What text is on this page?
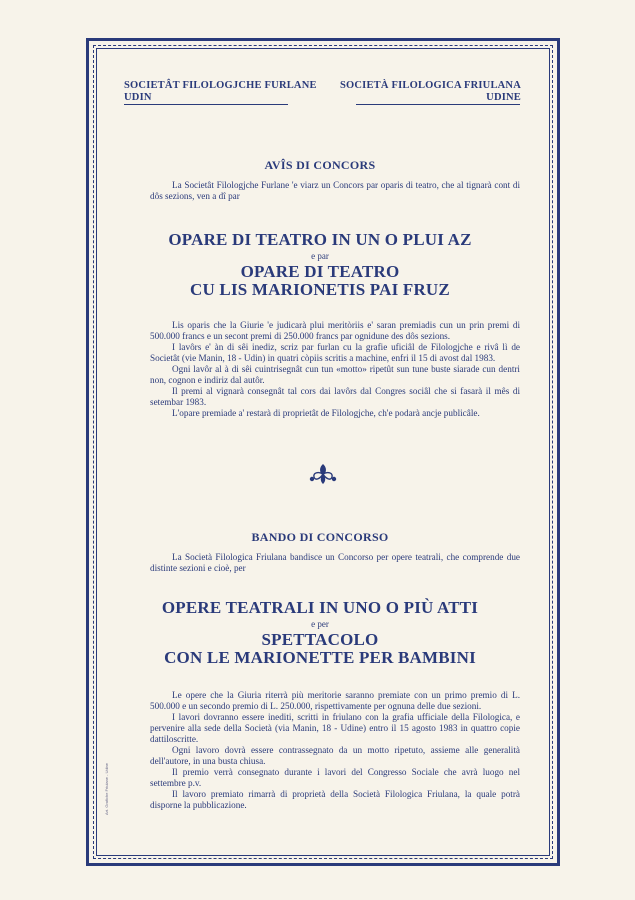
SOCIETÂT FILOLOGJCHE FURLANE
UDIN
SOCIETÀ FILOLOGICA FRIULANA
UDINE
AVÎS DI CONCORS
La Societât Filologjche Furlane 'e viarz un Concors par oparis di teatro, che al tignarà cont di dôs sezions, ven a dî par
OPARE DI TEATRO IN UN O PLUI AZ
e par
OPARE DI TEATRO
CU LIS MARIONETIS PAI FRUZ

Lis oparis che la Giurie 'e judicarà plui meritòriis e' saran premiadis cun un prin premi di 500.000 francs e un secont premi di 250.000 francs par ognidune des dôs sezions.

I lavôrs e' àn di sêi inediz, scriz par furlan cu la grafie uficiâl de Filologjche e rivâ lì de Societât (vie Manin, 18 - Udin) in quatri còpiis scritis a machine, enfri il 15 di avost dal 1983.

Ogni lavôr al à di sêi cuintrisegnât cun tun «motto» ripetût sun tune buste siarade cun dentri non, cognon e indiriz dal autôr.

Il premi al vignarà consegnât tal cors dai lavôrs dal Congres sociâl che si fasarà il mês di setembar 1983.

L'opare premiade a' restarà di proprietât de Filologjche, ch'e podarà ancje publicâle.

BANDO DI CONCORSO
La Società Filologica Friulana bandisce un Concorso per opere teatrali, che comprende due distinte sezioni e cioè, per
OPERE TEATRALI IN UNO O PIÙ ATTI
e per
SPETTACOLO
CON LE MARIONETTE PER BAMBINI

Le opere che la Giuria riterrà più meritorie saranno premiate con un primo premio di L. 500.000 e un secondo premio di L. 250.000, rispettivamente per ognuna delle due sezioni.

I lavori dovranno essere inediti, scritti in friulano con la grafia ufficiale della Filologica, e pervenire alla sede della Società (via Manin, 18 - Udine) entro il 15 agosto 1983 in quattro copie dattiloscritte.

Ogni lavoro dovrà essere contrassegnato da un motto ripetuto, assieme alle generalità dell'autore, in una busta chiusa.

Il premio verrà consegnato durante i lavori del Congresso Sociale che avrà luogo nel settembre p.v.

Il lavoro premiato rimarrà di proprietà della Società Filologica Friulana, la quale potrà disporne la pubblicazione.

Art. Grafiche Friulane - Udine
